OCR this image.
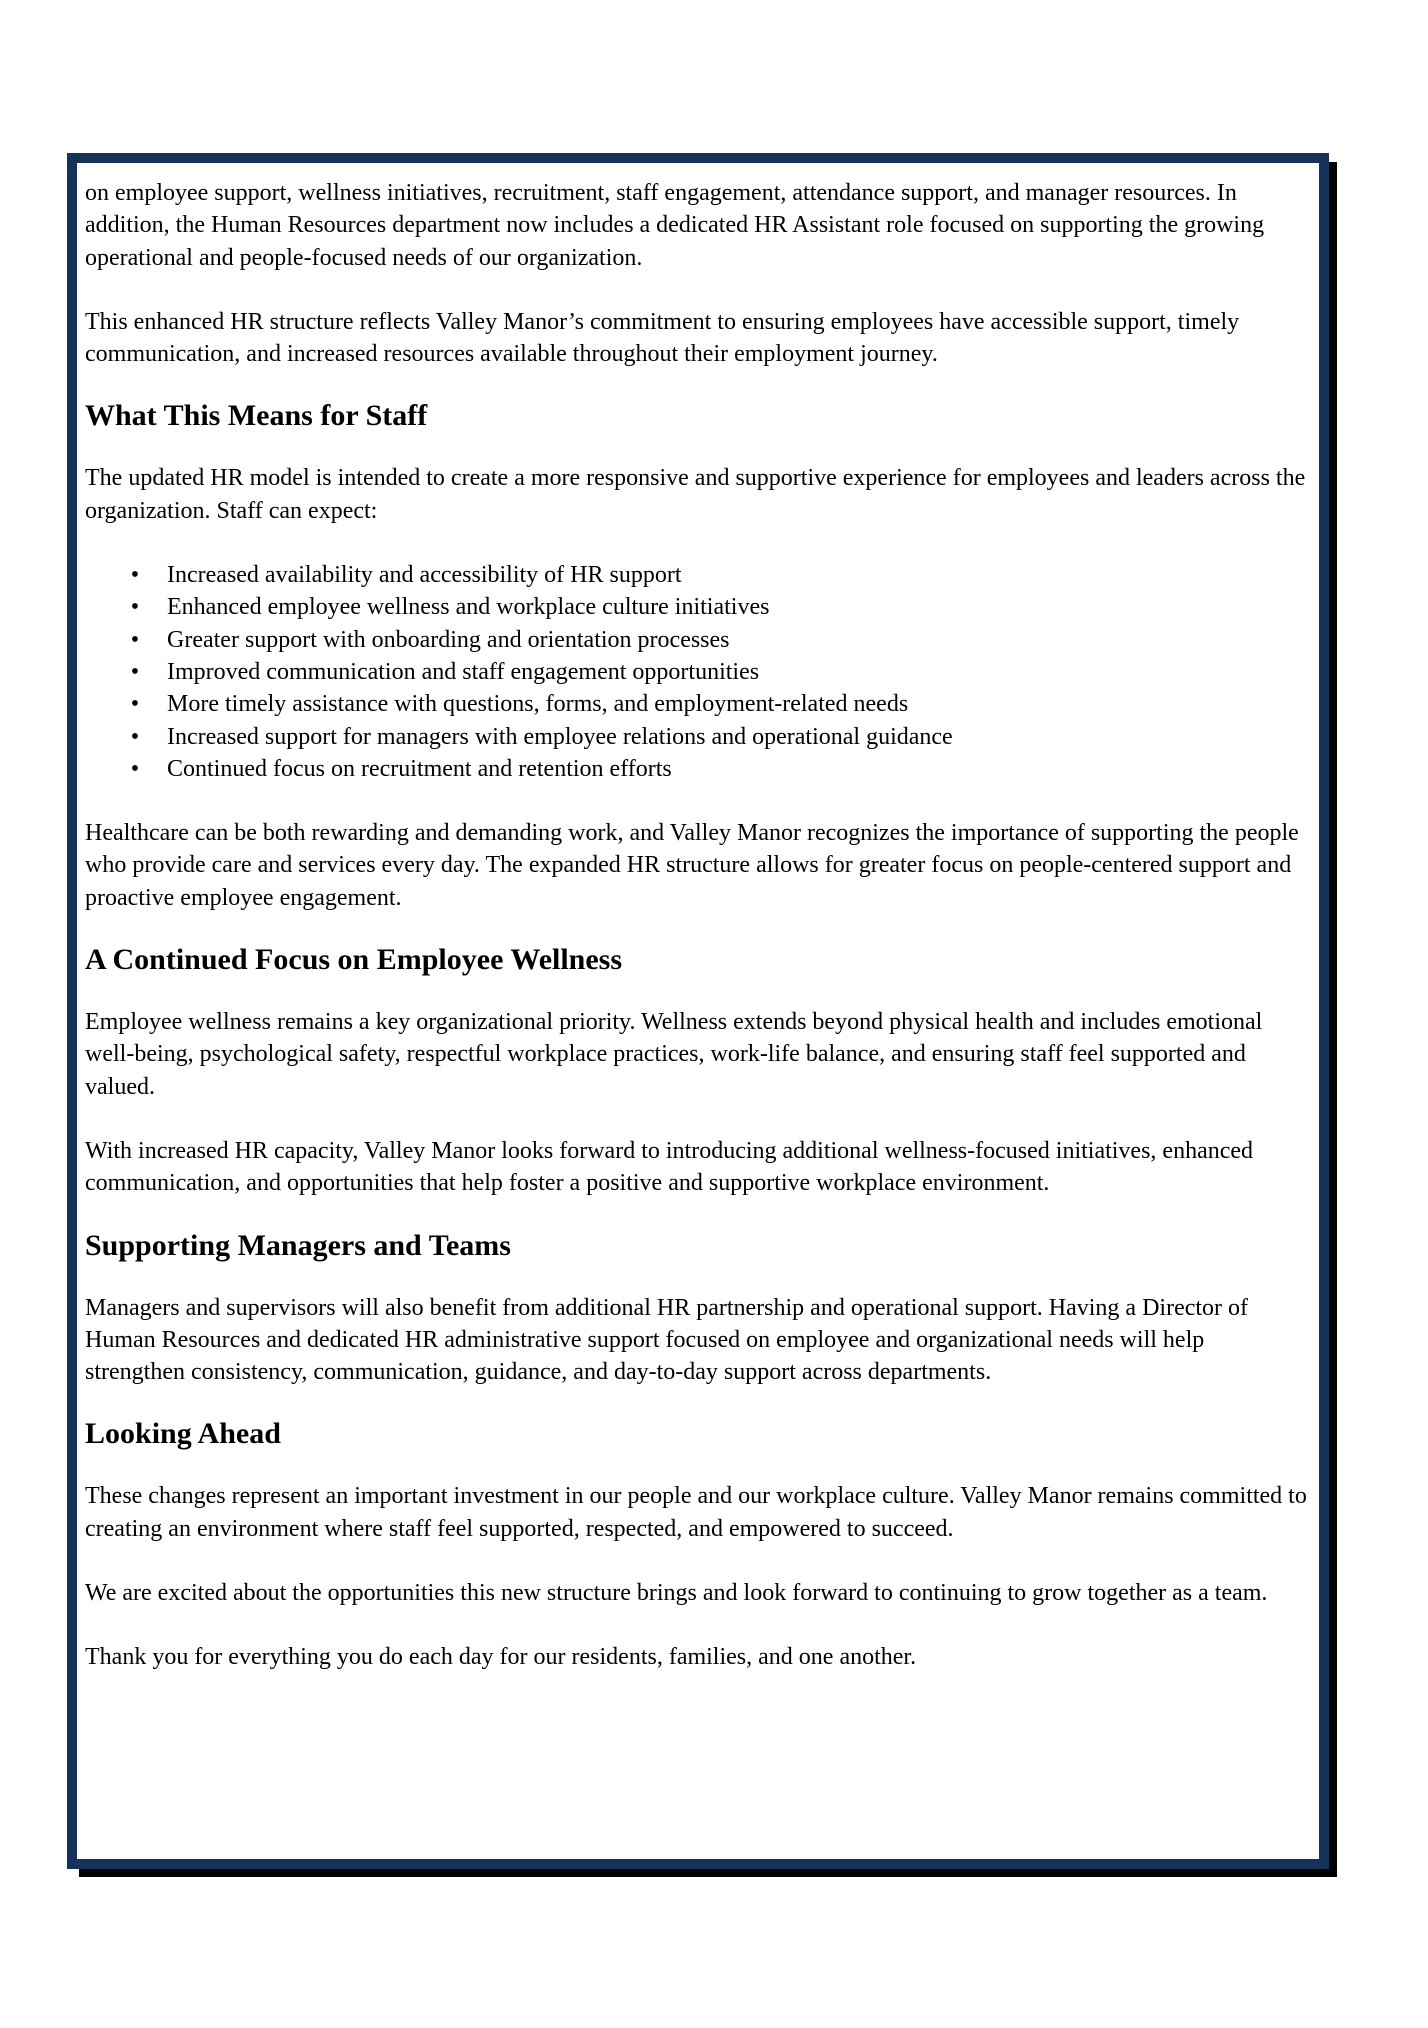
on employee support, wellness initiatives, recruitment, staff engagement, attendance support, and manager resources. In addition, the Human Resources department now includes a dedicated HR Assistant role focused on supporting the growing operational and people-focused needs of our organization.

This enhanced HR structure reflects Valley Manor’s commitment to ensuring employees have accessible support, timely communication, and increased resources available throughout their employment journey.

What This Means for Staff

The updated HR model is intended to create a more responsive and supportive experience for employees and leaders across the organization. Staff can expect:

• Increased availability and accessibility of HR support
• Enhanced employee wellness and workplace culture initiatives
• Greater support with onboarding and orientation processes
• Improved communication and staff engagement opportunities
• More timely assistance with questions, forms, and employment-related needs
• Increased support for managers with employee relations and operational guidance
• Continued focus on recruitment and retention efforts

Healthcare can be both rewarding and demanding work, and Valley Manor recognizes the importance of supporting the people who provide care and services every day. The expanded HR structure allows for greater focus on people-centered support and proactive employee engagement.

A Continued Focus on Employee Wellness

Employee wellness remains a key organizational priority. Wellness extends beyond physical health and includes emotional well-being, psychological safety, respectful workplace practices, work-life balance, and ensuring staff feel supported and valued.

With increased HR capacity, Valley Manor looks forward to introducing additional wellness-focused initiatives, enhanced communication, and opportunities that help foster a positive and supportive workplace environment.

Supporting Managers and Teams

Managers and supervisors will also benefit from additional HR partnership and operational support. Having a Director of Human Resources and dedicated HR administrative support focused on employee and organizational needs will help strengthen consistency, communication, guidance, and day-to-day support across departments.

Looking Ahead

These changes represent an important investment in our people and our workplace culture. Valley Manor remains committed to creating an environment where staff feel supported, respected, and empowered to succeed.

We are excited about the opportunities this new structure brings and look forward to continuing to grow together as a team.

Thank you for everything you do each day for our residents, families, and one another.
